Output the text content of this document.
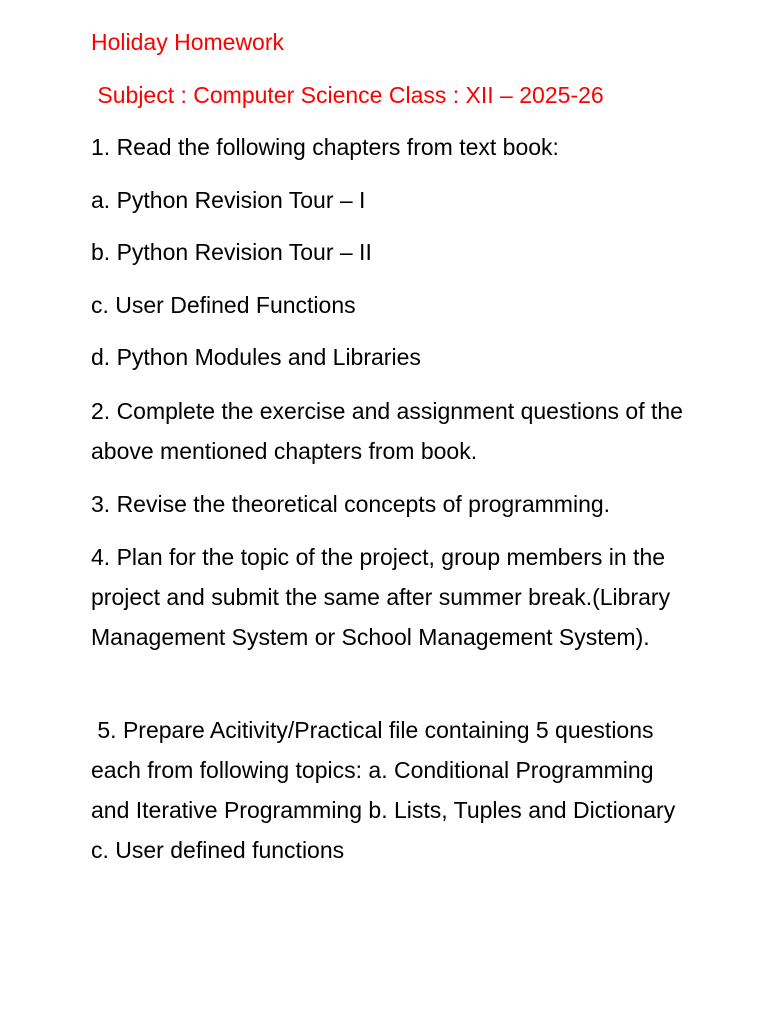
Holiday Homework
Subject : Computer Science Class : XII – 2025-26
1. Read the following chapters from text book:
a. Python Revision Tour – I
b. Python Revision Tour – II
c. User Defined Functions
d. Python Modules and Libraries
2. Complete the exercise and assignment questions of the above mentioned chapters from book.
3. Revise the theoretical concepts of programming.
4. Plan for the topic of the project, group members in the project and submit the same after summer break.(Library Management System or School Management System).
5. Prepare Acitivity/Practical file containing 5 questions each from following topics: a. Conditional Programming and Iterative Programming b. Lists, Tuples and Dictionary c. User defined functions
